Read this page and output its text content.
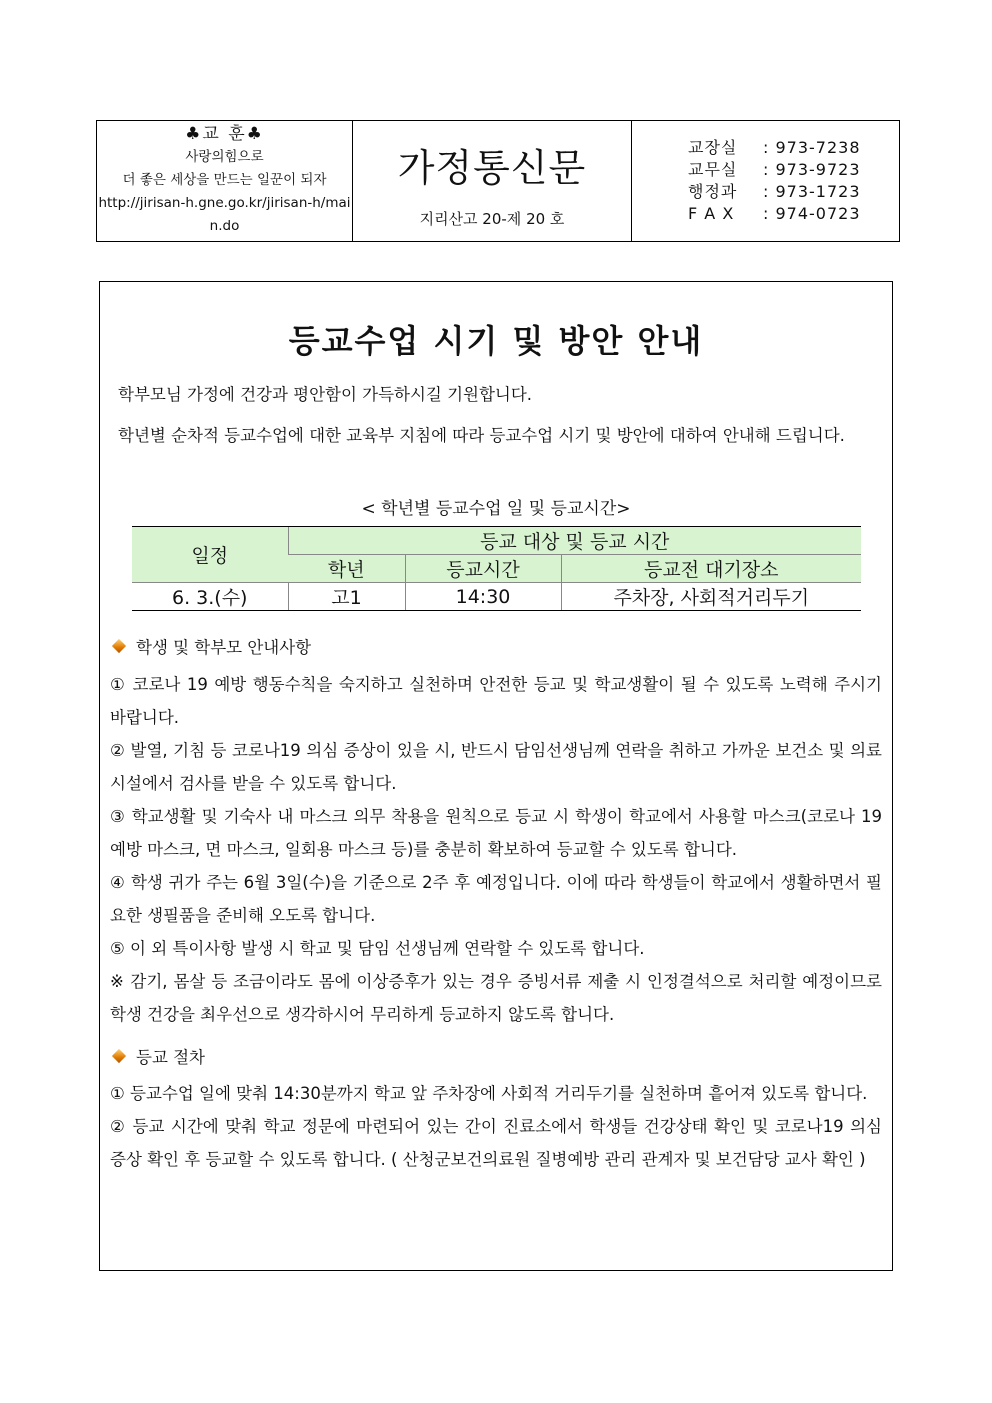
♣교 훈♣
사랑의힘으로
더 좋은 세상을 만드는 일꾼이 되자
http://jirisan-h.gne.go.kr/jirisan-h/main.do
가정통신문
지리산고 20-제 20 호
교장실	: 973-7238
교무실	: 973-9723
행정과	: 973-1723
F A X	: 974-0723
등교수업 시기 및 방안 안내
학부모님 가정에 건강과 평안함이 가득하시길 기원합니다.
학년별 순차적 등교수업에 대한 교육부 지침에 따라 등교수업 시기 및 방안에 대하여 안내해 드립니다.
< 학년별 등교수업 일 및 등교시간>
일정	등교 대상 및 등교 시간		
	학년	등교시간	등교전 대기장소
6. 3.(수)	고1	14:30	주차장, 사회적거리두기
학생 및 학부모 안내사항

① 코로나 19 예방 행동수칙을 숙지하고 실천하며 안전한 등교 및 학교생활이 될 수 있도록 노력해 주시기 바랍니다.

② 발열, 기침 등 코로나19 의심 증상이 있을 시, 반드시 담임선생님께 연락을 취하고 가까운 보건소 및 의료시설에서 검사를 받을 수 있도록 합니다.

③ 학교생활 및 기숙사 내 마스크 의무 착용을 원칙으로 등교 시 학생이 학교에서 사용할 마스크(코로나 19 예방 마스크, 면 마스크, 일회용 마스크 등)를 충분히 확보하여 등교할 수 있도록 합니다.

④ 학생 귀가 주는 6월 3일(수)을 기준으로 2주 후 예정입니다. 이에 따라 학생들이 학교에서 생활하면서 필요한 생필품을 준비해 오도록 합니다.

⑤ 이 외 특이사항 발생 시 학교 및 담임 선생님께 연락할 수 있도록 합니다.

※ 감기, 몸살 등 조금이라도 몸에 이상증후가 있는 경우 증빙서류 제출 시 인정결석으로 처리할 예정이므로 학생 건강을 최우선으로 생각하시어 무리하게 등교하지 않도록 합니다.

등교 절차

① 등교수업 일에 맞춰 14:30분까지 학교 앞 주차장에 사회적 거리두기를 실천하며 흩어져 있도록 합니다.

② 등교 시간에 맞춰 학교 정문에 마련되어 있는 간이 진료소에서 학생들 건강상태 확인 및 코로나19 의심 증상 확인 후 등교할 수 있도록 합니다. ( 산청군보건의료원 질병예방 관리 관계자 및 보건담당 교사 확인 )
